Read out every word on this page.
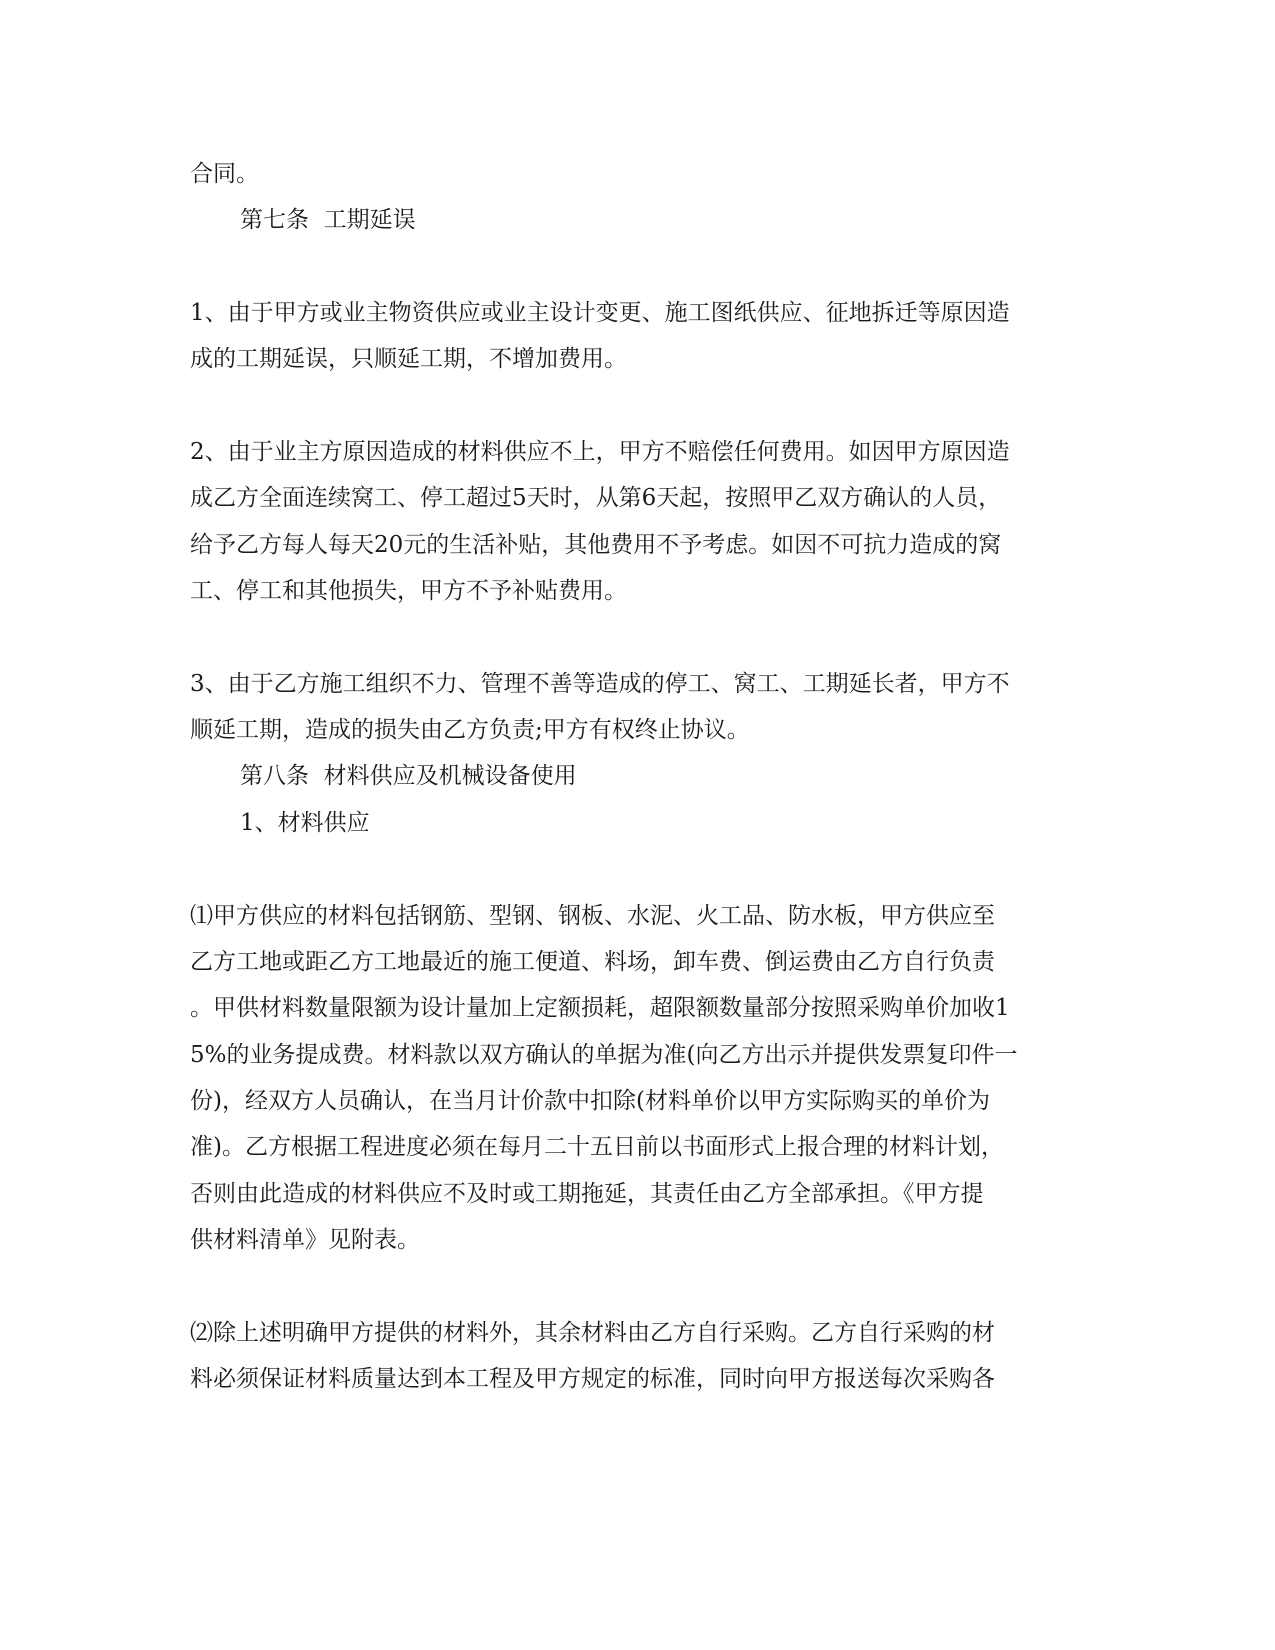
合同。
第七条  工期延误
1、由于甲方或业主物资供应或业主设计变更、施工图纸供应、征地拆迁等原因造
成的工期延误，只顺延工期，不增加费用。
2、由于业主方原因造成的材料供应不上，甲方不赔偿任何费用。如因甲方原因造
成乙方全面连续窝工、停工超过5天时，从第6天起，按照甲乙双方确认的人员，
给予乙方每人每天20元的生活补贴，其他费用不予考虑。如因不可抗力造成的窝
工、停工和其他损失，甲方不予补贴费用。
3、由于乙方施工组织不力、管理不善等造成的停工、窝工、工期延长者，甲方不
顺延工期，造成的损失由乙方负责;甲方有权终止协议。
第八条  材料供应及机械设备使用
1、材料供应
⑴甲方供应的材料包括钢筋、型钢、钢板、水泥、火工品、防水板，甲方供应至
乙方工地或距乙方工地最近的施工便道、料场，卸车费、倒运费由乙方自行负责
。甲供材料数量限额为设计量加上定额损耗，超限额数量部分按照采购单价加收1
5%的业务提成费。材料款以双方确认的单据为准(向乙方出示并提供发票复印件一
份)，经双方人员确认，在当月计价款中扣除(材料单价以甲方实际购买的单价为
准)。乙方根据工程进度必须在每月二十五日前以书面形式上报合理的材料计划，
否则由此造成的材料供应不及时或工期拖延，其责任由乙方全部承担。《甲方提
供材料清单》见附表。
⑵除上述明确甲方提供的材料外，其余材料由乙方自行采购。乙方自行采购的材
料必须保证材料质量达到本工程及甲方规定的标准，同时向甲方报送每次采购各
